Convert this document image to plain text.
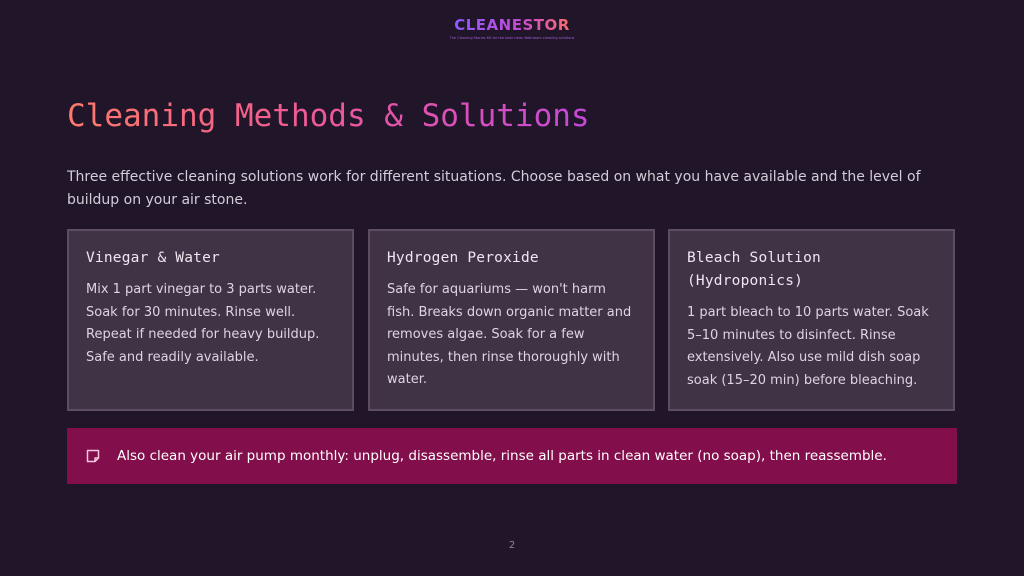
CLEANESTOR
The Cleaning Stones Kit for the best clean Bathroom cleaning solutions
Cleaning Methods & Solutions

Three effective cleaning solutions work for different situations. Choose based on what you have available and the level of buildup on your air stone.

Vinegar & Water
Mix 1 part vinegar to 3 parts water. Soak for 30 minutes. Rinse well. Repeat if needed for heavy buildup. Safe and readily available.
Hydrogen Peroxide
Safe for aquariums — won't harm fish. Breaks down organic matter and removes algae. Soak for a few minutes, then rinse thoroughly with water.
Bleach Solution (Hydroponics)
1 part bleach to 10 parts water. Soak 5–10 minutes to disinfect. Rinse extensively. Also use mild dish soap soak (15–20 min) before bleaching.
Also clean your air pump monthly: unplug, disassemble, rinse all parts in clean water (no soap), then reassemble.
2
